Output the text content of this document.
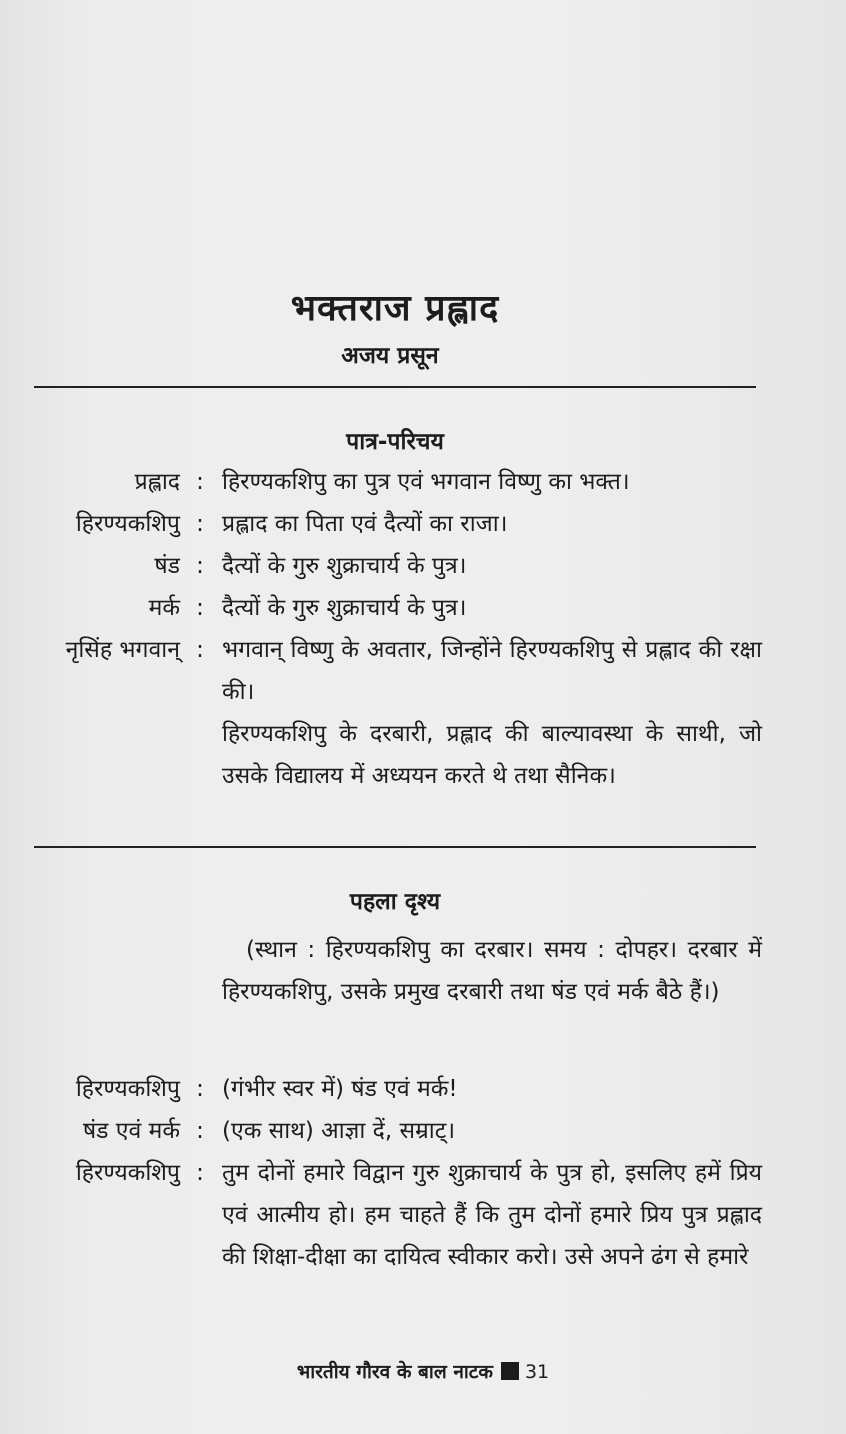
भक्तराज प्रह्लाद
अजय प्रसून
पात्र-परिचय
प्रह्लाद : हिरण्यकशिपु का पुत्र एवं भगवान विष्णु का भक्त।
हिरण्यकशिपु : प्रह्लाद का पिता एवं दैत्यों का राजा।
षंड : दैत्यों के गुरु शुक्राचार्य के पुत्र।
मर्क : दैत्यों के गुरु शुक्राचार्य के पुत्र।
नृसिंह भगवान् : भगवान् विष्णु के अवतार, जिन्होंने हिरण्यकशिपु से प्रह्लाद की रक्षा की।
हिरण्यकशिपु के दरबारी, प्रह्लाद की बाल्यावस्था के साथी, जो उसके विद्यालय में अध्ययन करते थे तथा सैनिक।
पहला दृश्य
(स्थान : हिरण्यकशिपु का दरबार। समय : दोपहर। दरबार में हिरण्यकशिपु, उसके प्रमुख दरबारी तथा षंड एवं मर्क बैठे हैं।)
हिरण्यकशिपु : (गंभीर स्वर में) षंड एवं मर्क!
षंड एवं मर्क : (एक साथ) आज्ञा दें, सम्राट्।
हिरण्यकशिपु : तुम दोनों हमारे विद्वान गुरु शुक्राचार्य के पुत्र हो, इसलिए हमें प्रिय एवं आत्मीय हो। हम चाहते हैं कि तुम दोनों हमारे प्रिय पुत्र प्रह्लाद की शिक्षा-दीक्षा का दायित्व स्वीकार करो। उसे अपने ढंग से हमारे
भारतीय गौरव के बाल नाटक 31
